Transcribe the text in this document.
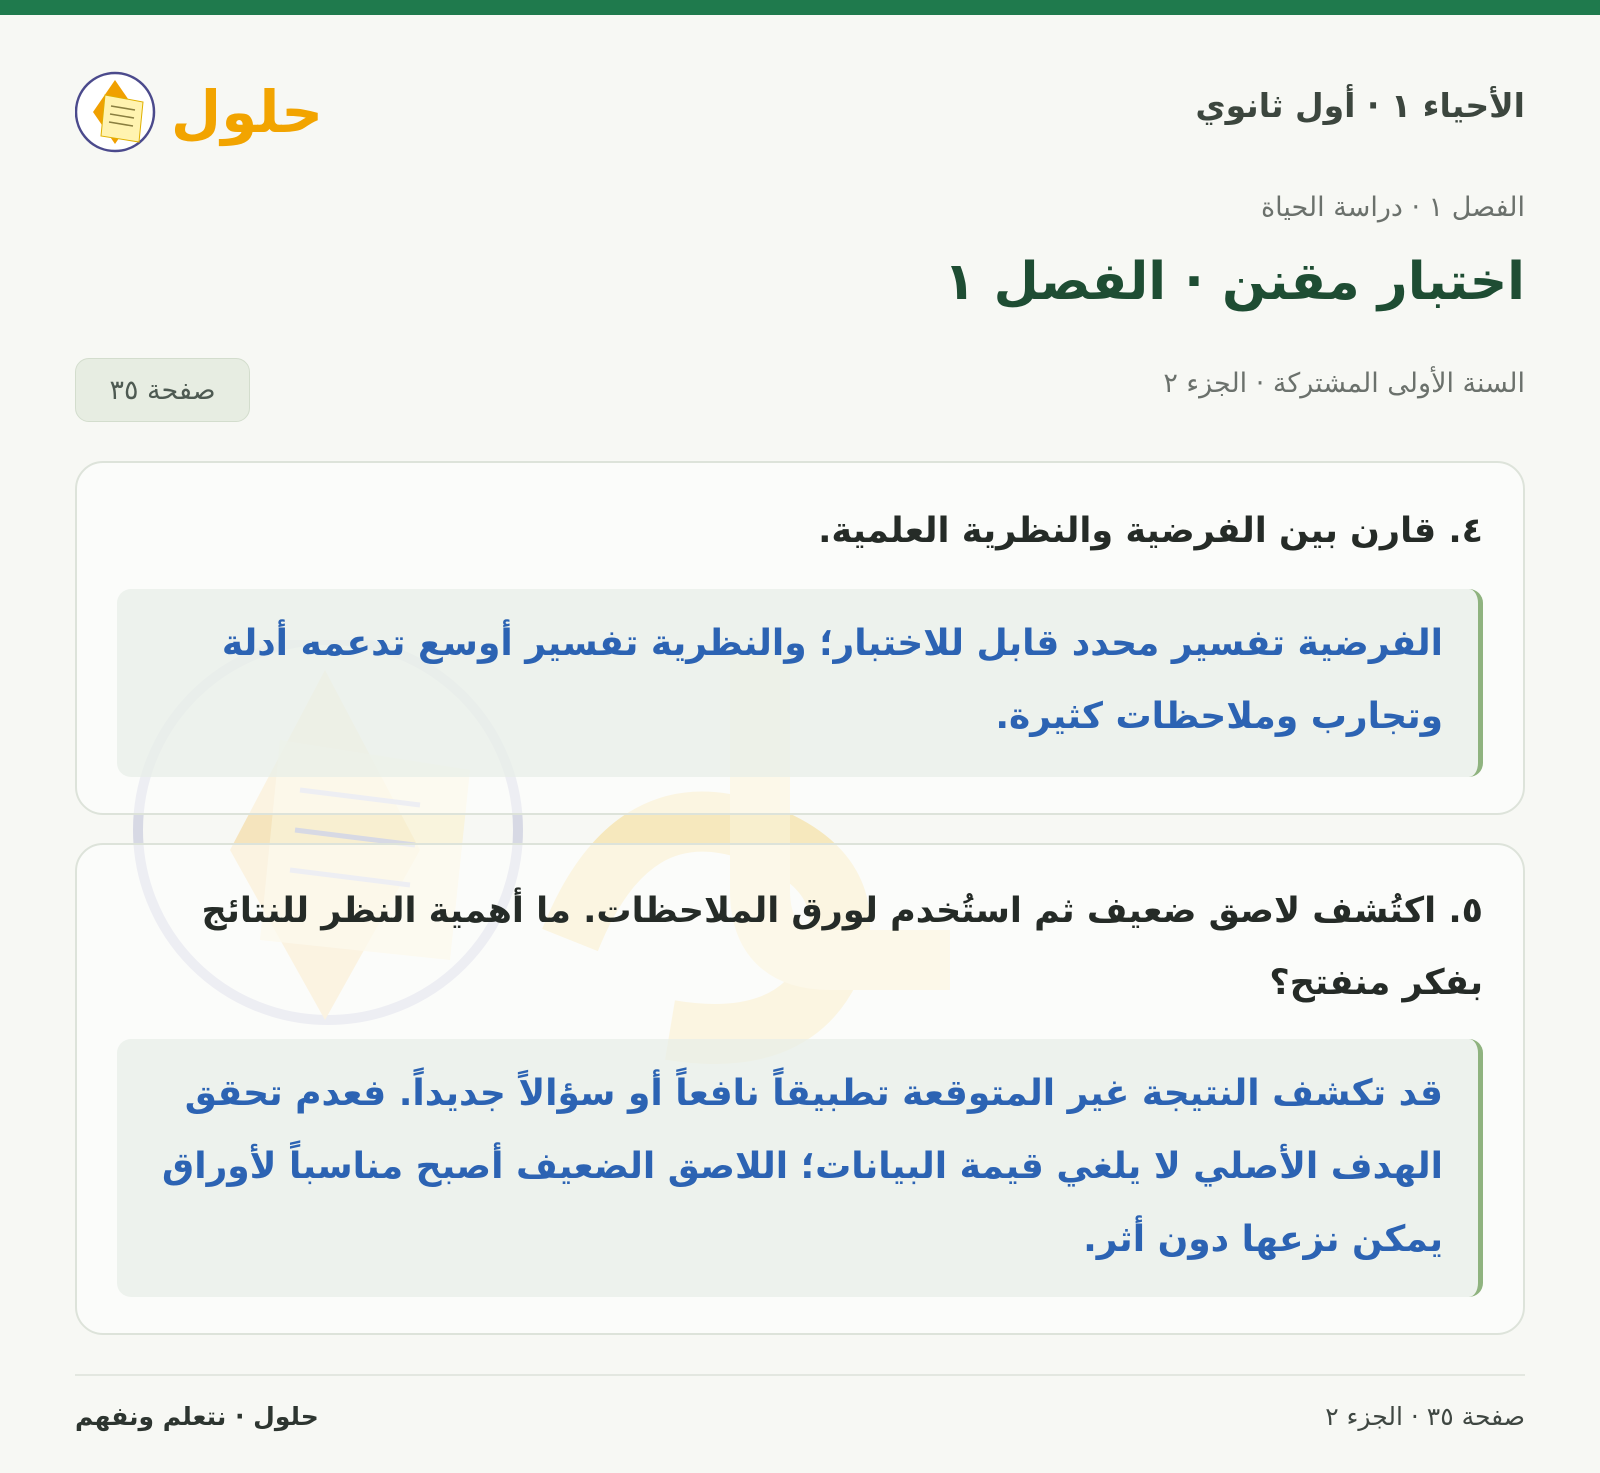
الأحياء ١ · أول ثانوي
حلول
الفصل ١ · دراسة الحياة
اختبار مقنن · الفصل ١
السنة الأولى المشتركة · الجزء ٢
صفحة ٣٥

٤. قارن بين الفرضية والنظرية العلمية.

الفرضية تفسير محدد قابل للاختبار؛ والنظرية تفسير أوسع تدعمه أدلة وتجارب وملاحظات كثيرة.

٥. اكتُشف لاصق ضعيف ثم استُخدم لورق الملاحظات. ما أهمية النظر للنتائج بفكر منفتح؟

قد تكشف النتيجة غير المتوقعة تطبيقاً نافعاً أو سؤالاً جديداً. فعدم تحقق الهدف الأصلي لا يلغي قيمة البيانات؛ اللاصق الضعيف أصبح مناسباً لأوراق يمكن نزعها دون أثر.
صفحة ٣٥ · الجزء ٢
حلول · نتعلم ونفهم
